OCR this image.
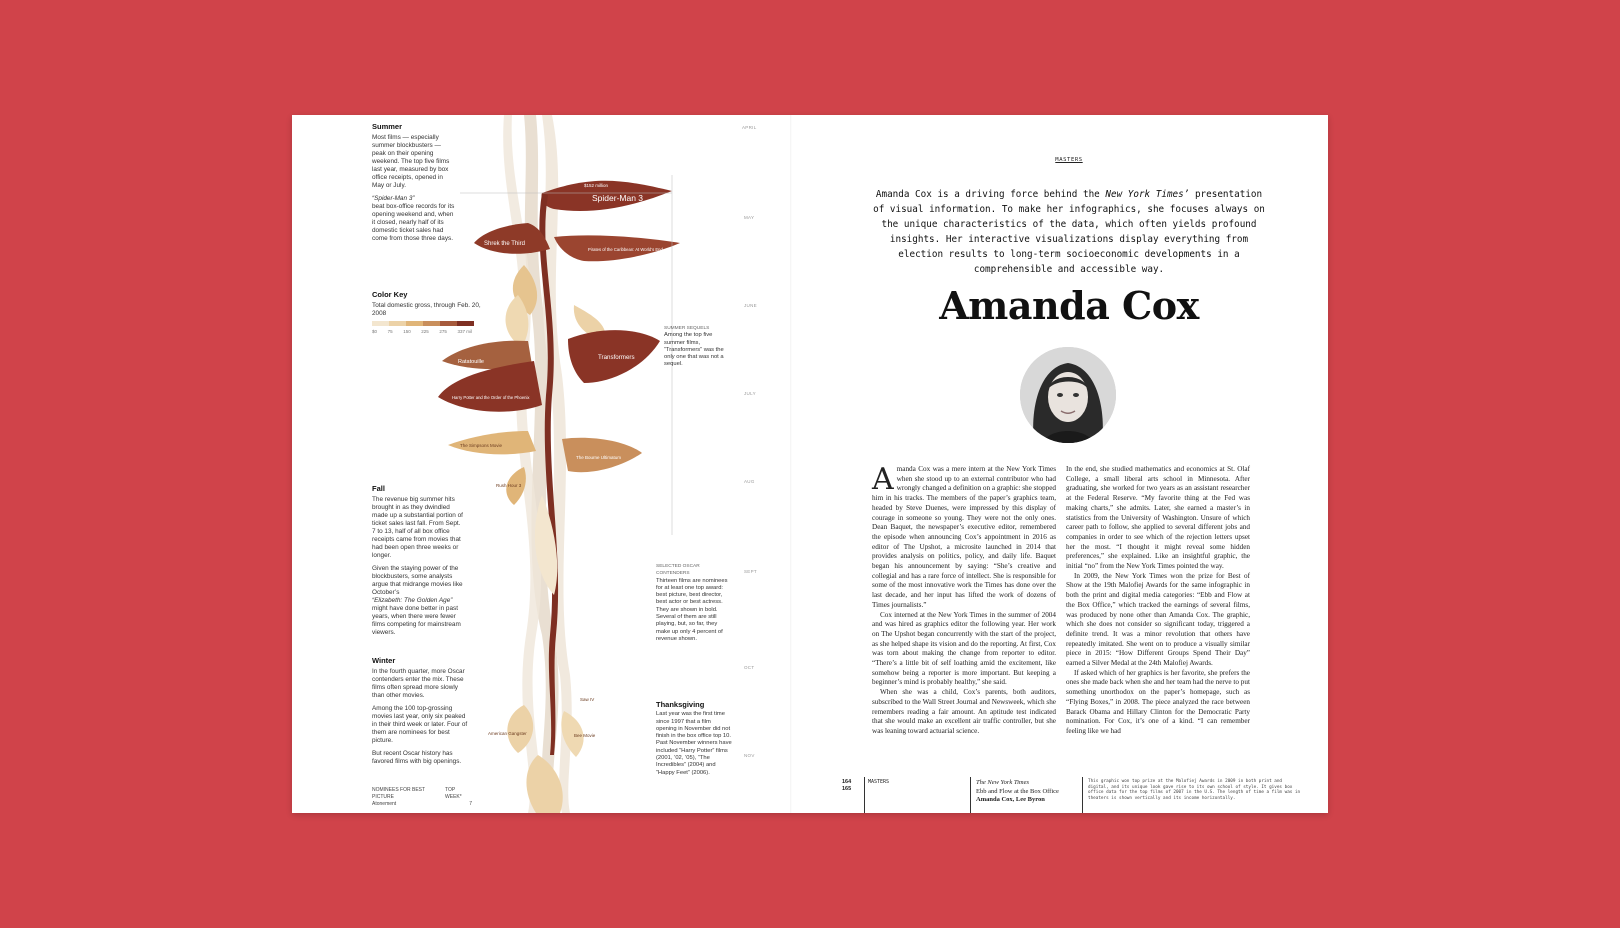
Spider-Man 3
$152 million
Shrek the Third
Pirates of the Caribbean: At World’s End
Transformers
Ratatouille
Harry Potter and the Order of the Phoenix
The Simpsons Movie
The Bourne Ultimatum
Rush Hour 3
American Gangster	Bee Movie
Saw IV
APRIL
MAY
JUNE
JULY
AUG
SEPT
OCT
NOV
Summer

Most films — especially summer blockbusters — peak on their opening weekend. The top five films last year, measured by box office receipts, opened in May or July.

“Spider-Man 3”

beat box-office records for its opening weekend and, when it closed, nearly half of its domestic ticket sales had come from those three days.

Color Key

Total domestic gross, through Feb. 20, 2008

$0 75 150 225 275 337 mil
Fall

The revenue big summer hits brought in as they dwindled made up a substantial portion of ticket sales last fall. From Sept. 7 to 13, half of all box office receipts came from movies that had been open three weeks or longer.

Given the staying power of the blockbusters, some analysts argue that midrange movies like October’s

“Elizabeth: The Golden Age”

might have done better in past years, when there were fewer films competing for mainstream viewers.

Winter

In the fourth quarter, more Oscar contenders enter the mix. These films often spread more slowly than other movies.

Among the 100 top-grossing movies last year, only six peaked in their third week or later. Four of them are nominees for best picture.

But recent Oscar history has favored films with big openings.

NOMINEES FOR BEST PICTURE
TOP WEEK*
Atonement	7

SUMMER SEQUELS

Among the top five summer films, “Transformers” was the only one that was not a sequel.

SELECTED OSCAR CONTENDERS

Thirteen films are nominees for at least one top award: best picture, best director, best actor or best actress. They are shown in bold. Several of them are still playing, but, so far, they make up only 4 percent of revenue shown.

Thanksgiving

Last year was the first time since 1997 that a film opening in November did not finish in the box office top 10. Past November winners have included “Harry Potter” films (2001, ’02, ’05), “The Incredibles” (2004) and “Happy Feet” (2006).

MASTERS
Amanda Cox is a driving force behind the New York Times’ presentation of visual information. To make her infographics, she focuses always on the unique characteristics of the data, which often yields profound insights. Her interactive visualizations display everything from election results to long-term socioeconomic developments in a comprehensible and accessible way.
Amanda Cox
A manda Cox was a mere intern at the New York Times when she stood up to an external contributor who had wrongly changed a definition on a graphic: she stopped him in his tracks. The members of the paper’s graphics team, headed by Steve Duenes, were impressed by this display of courage in someone so young. They were not the only ones. Dean Baquet, the newspaper’s executive editor, remembered the episode when announcing Cox’s appointment in 2016 as editor of The Upshot, a microsite launched in 2014 that provides analysis on politics, policy, and daily life. Baquet began his announcement by saying: “She’s creative and collegial and has a rare force of intellect. She is responsible for some of the most innovative work the Times has done over the last decade, and her input has lifted the work of dozens of Times journalists.”

Cox interned at the New York Times in the summer of 2004 and was hired as graphics editor the following year. Her work on The Upshot began concurrently with the start of the project, as she helped shape its vision and do the reporting. At first, Cox was torn about making the change from reporter to editor. “There’s a little bit of self loathing amid the excitement, like somehow being a reporter is more important. But keeping a beginner’s mind is probably healthy,” she said.

When she was a child, Cox’s parents, both auditors, subscribed to the Wall Street Journal and Newsweek, which she remembers reading a fair amount. An aptitude test indicated that she would make an excellent air traffic controller, but she was leaning toward actuarial science.

In the end, she studied mathematics and economics at St. Olaf College, a small liberal arts school in Minnesota. After graduating, she worked for two years as an assistant researcher at the Federal Reserve. “My favorite thing at the Fed was making charts,” she admits. Later, she earned a master’s in statistics from the University of Washington. Unsure of which career path to follow, she applied to several different jobs and companies in order to see which of the rejection letters upset her the most. “I thought it might reveal some hidden preferences,” she explained. Like an insightful graphic, the initial “no” from the New York Times pointed the way.

In 2009, the New York Times won the prize for Best of Show at the 19th Malofiej Awards for the same infographic in both the print and digital media categories: “Ebb and Flow at the Box Office,” which tracked the earnings of several films, was produced by none other than Amanda Cox. The graphic, which she does not consider so significant today, triggered a definite trend. It was a minor revolution that others have repeatedly imitated. She went on to produce a visually similar piece in 2015: “How Different Groups Spend Their Day” earned a Silver Medal at the 24th Malofiej Awards.

If asked which of her graphics is her favorite, she prefers the ones she made back when she and her team had the nerve to put something unorthodox on the paper’s homepage, such as “Flying Boxes,” in 2008. The piece analyzed the race between Barack Obama and Hillary Clinton for the Democratic Party nomination. For Cox, it’s one of a kind. “I can remember feeling like we had

164
165
MASTERS	The New York Times
Ebb and Flow at the Box Office
Amanda Cox, Lee Byron
This graphic won top prize at the Malofiej Awards in 2009 in both print and digital, and its unique look gave rise to its own school of style. It gives box office data for the top films of 2007 in the U.S. The length of time a film was in theaters is shown vertically and its income horizontally.
